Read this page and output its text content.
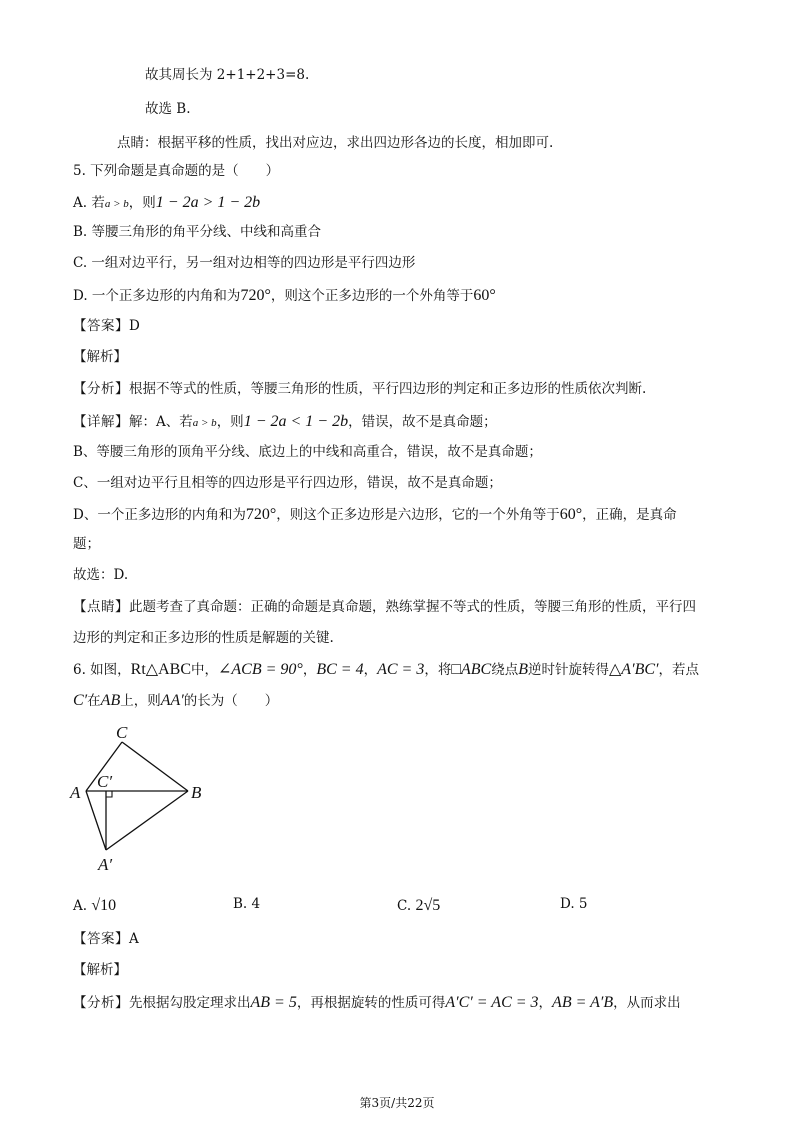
故其周长为 2+1+2+3=8.
故选 B.
点睛：根据平移的性质，找出对应边，求出四边形各边的长度，相加即可.
5. 下列命题是真命题的是（　　）
A. 若a > b，则1 − 2a > 1 − 2b
B. 等腰三角形的角平分线、中线和高重合
C. 一组对边平行，另一组对边相等的四边形是平行四边形
D. 一个正多边形的内角和为720°，则这个正多边形的一个外角等于60°
【答案】D
【解析】
【分析】根据不等式的性质，等腰三角形的性质，平行四边形的判定和正多边形的性质依次判断.
【详解】解：A、若a > b，则1 − 2a < 1 − 2b，错误，故不是真命题；
B、等腰三角形的顶角平分线、底边上的中线和高重合，错误，故不是真命题；
C、一组对边平行且相等的四边形是平行四边形，错误，故不是真命题；
D、一个正多边形的内角和为720°，则这个正多边形是六边形，它的一个外角等于60°，正确，是真命
题；
故选：D.
【点睛】此题考查了真命题：正确的命题是真命题，熟练掌握不等式的性质，等腰三角形的性质，平行四
边形的判定和正多边形的性质是解题的关键.
6. 如图，Rt△ABC中，∠ACB = 90°，BC = 4，AC = 3，将□ABC绕点B逆时针旋转得△A′BC′，若点
C′在AB上，则AA′的长为（　　）
C
A	B
C′
A′
A. √10	B. 4	C. 2√5	D. 5
【答案】A
【解析】
【分析】先根据勾股定理求出AB = 5，再根据旋转的性质可得A′C′ = AC = 3，AB = A′B，从而求出
第3页/共22页
